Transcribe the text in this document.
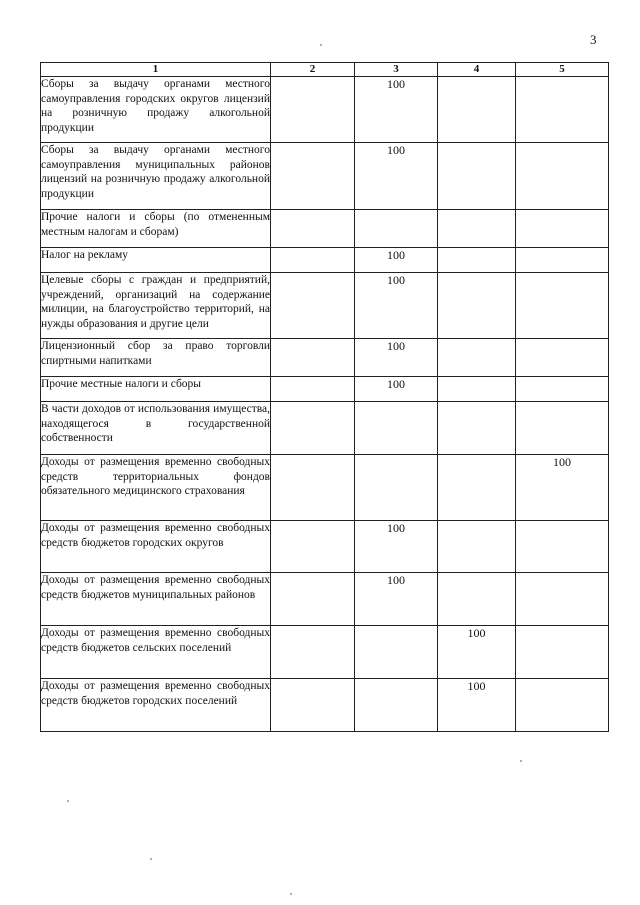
3
1	2	3	4	5
Сборы за выдачу органами местного самоуправления городских округов лицензий на розничную продажу алкогольной продукции		100		
Сборы за выдачу органами местного самоуправления муниципальных районов лицензий на розничную продажу алкогольной продукции		100		
Прочие налоги и сборы (по отмененным местным налогам и сборам)				
Налог на рекламу		100		
Целевые сборы с граждан и предприятий, учреждений, организаций на содержание милиции, на благоустройство территорий, на нужды образования и другие цели		100		
Лицензионный сбор за право торговли спиртными напитками		100		
Прочие местные налоги и сборы		100		
В части доходов от использования имущества, находящегося в государственной собственности				
Доходы от размещения временно свободных средств территориальных фондов обязательного медицинского страхования				100
Доходы от размещения временно свободных средств бюджетов городских округов		100		
Доходы от размещения временно свободных средств бюджетов муниципальных районов		100		
Доходы от размещения временно свободных средств бюджетов сельских поселений			100	
Доходы от размещения временно свободных средств бюджетов городских поселений			100	
